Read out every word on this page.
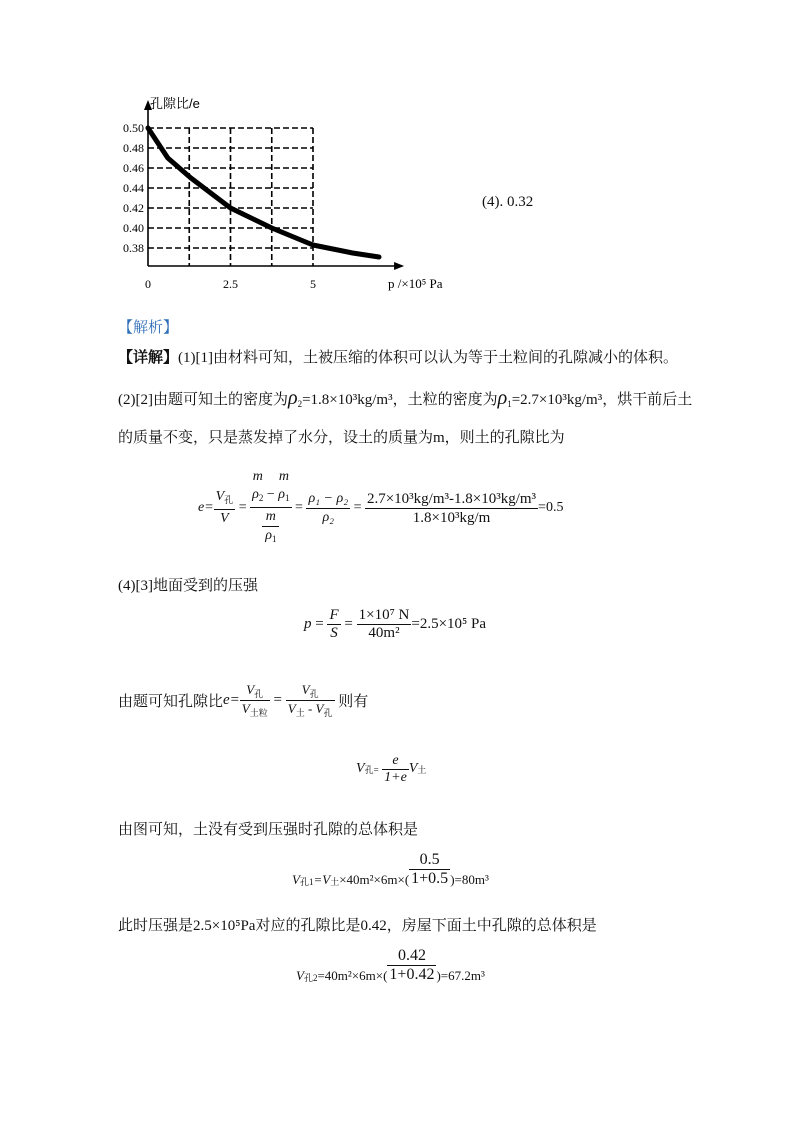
0.50
0.48
0.46
0.44
0.42
0.40
0.38
0	2.5	5
孔隙比/e
p /×10⁵ Pa
(4). 0.32
【解析】
【详解】(1)[1]由材料可知，土被压缩的体积可以认为等于土粒间的孔隙减小的体积。
(2)[2]由题可知土的密度为$\rho_2=1.8\times 10^3kg/m^3$，土粒的密度为$\rho_1=2.7\times 10^3kg/m^3$，烘干前后土
的质量不变，只是蒸发掉了水分，设土的质量为m，则土的孔隙比为
$e= \frac{V_孔}{V} = m$
$\rho_2$ −
m
$\rho_1$
m
$\rho_1 = \frac{\text{ρ₁ − ρ₂}}{\text{ρ₂}} = \frac{\text{2.7×10³kg/m³-1.8×10³kg/m³}}{\text{1.8×10³kg/m}} =0.5$
(4)[3]地面受到的压强
$p = \frac{F}{S} = \frac{\text{1×10⁷ N}}{\text{40m²}} =2.5\times 10^5$ Pa
由题可知孔隙比 $e= \frac{V_孔}{V_{土粒}} = \frac{V_孔}{V_土 - V_孔}$
则有
V 孔=
$\frac{e}{1+e}$ V 土
由图可知，土没有受到压强时孔隙的总体积是
V 孔1 =V 土 $\times 40m^2\times 6m\times( \frac{0.5}{1+0.5} )=80m^3$
此时压强是2.5×10⁵Pa对应的孔隙比是0.42，房屋下面土中孔隙的总体积是
V 孔$2 =40m^2\times 6m\times( \frac{0.42}{1+0.42} )=67.2m^3$
